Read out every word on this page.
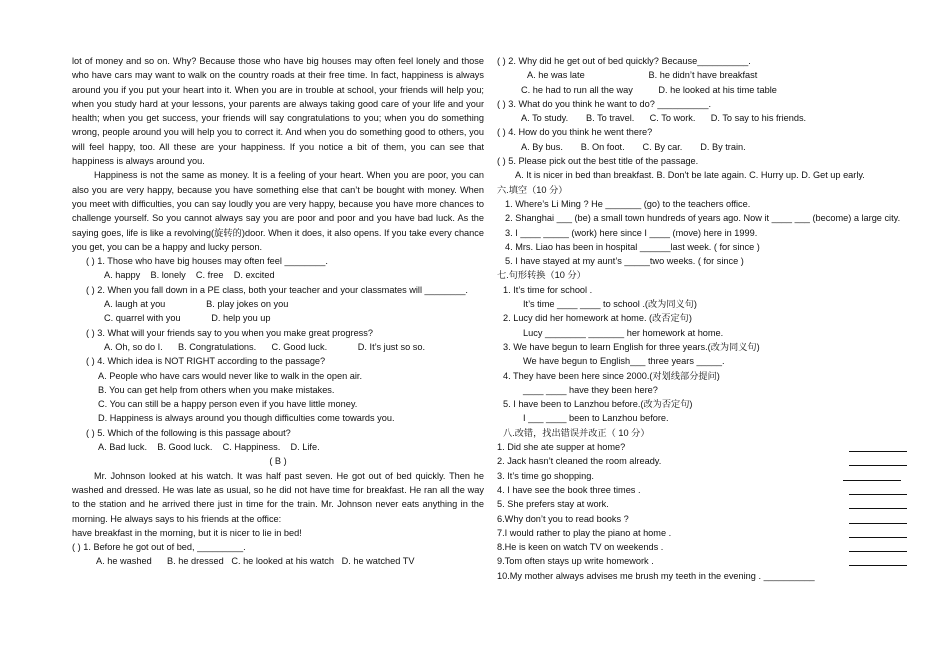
lot of money and so on. Why? Because those who have big houses may often feel lonely and those who have cars may want to walk on the country roads at their free time. In fact, happiness is always around you if you put your heart into it. When you are in trouble at school, your friends will help you; when you study hard at your lessons, your parents are always taking good care of your life and your health; when you get success, your friends will say congratulations to you; when you do something wrong, people around you will help you to correct it. And when you do something good to others, you will feel happy, too. All these are your happiness. If you notice a bit of them, you can see that happiness is always around you.

Happiness is not the same as money. It is a feeling of your heart. When you are poor, you can also you are very happy, because you have something else that can’t be bought with money. When you meet with difficulties, you can say loudly you are very happy, because you have more chances to challenge yourself. So you cannot always say you are poor and poor and you have bad luck. As the saying goes, life is like a revolving(旋转的)door. When it does, it also opens. If you take every chance you get, you can be a happy and lucky person.

( ) 1. Those who have big houses may often feel ________.

A. happy    B. lonely    C. free    D. excited

( ) 2. When you fall down in a PE class, both your teacher and your classmates will ________.

A. laugh at you                B. play jokes on you

C. quarrel with you            D. help you up

( ) 3. What will your friends say to you when you make great progress?

A. Oh, so do I.      B. Congratulations.      C. Good luck.            D. It’s just so so.

( ) 4. Which idea is NOT RIGHT according to the passage?

A. People who have cars would never like to walk in the open air.

B. You can get help from others when you make mistakes.

C. You can still be a happy person even if you have little money.

D. Happiness is always around you though difficulties come towards you.

( ) 5. Which of the following is this passage about?

A. Bad luck.    B. Good luck.    C. Happiness.    D. Life.

( B )

Mr. Johnson looked at his watch. It was half past seven. He got out of bed quickly. Then he washed and dressed. He was late as usual, so he did not have time for breakfast. He ran all the way to the station and he arrived there just in time for the train. Mr. Johnson never eats anything in the morning. He always says to his friends at the office:

have breakfast in the morning, but it is nicer to lie in bed!

( ) 1. Before he got out of bed, _________.

A. he washed      B. he dressed   C. he looked at his watch   D. he watched TV

( ) 2. Why did he get out of bed quickly? Because__________.

A. he was late                         B. he didn’t have breakfast

C. he had to run all the way          D. he looked at his time table

( ) 3. What do you think he want to do? __________.

A. To study.       B. To travel.      C. To work.      D. To say to his friends.

( ) 4. How do you think he went there?

A. By bus.       B. On foot.       C. By car.       D. By train.

( ) 5. Please pick out the best title of the passage.

A. It is nicer in bed than breakfast. B. Don't be late again. C. Hurry up. D. Get up early.

六.填空（10 分）

1. Where’s Li Ming ? He _______ (go) to the teachers office.

2. Shanghai ___ (be) a small town hundreds of years ago. Now it ____ ___ (become) a large city.

3. I ____ _____ (work) here since I ____ (move) here in 1999.

4. Mrs. Liao has been in hospital ______last week. ( for since )

5. I have stayed at my aunt’s _____two weeks. ( for since )

七.句形转换（10 分）

1. It’s time for school .

It’s time ____ ____ to school .(改为同义句)

2. Lucy did her homework at home. (改否定句)

Lucy ________ _______ her homework at home.

3. We have begun to learn English for three years.(改为同义句)

We have begun to English___ three years _____.

4. They have been here since 2000.(对划线部分提问)

____ ____ have they been here?

5. I have been to Lanzhou before.(改为否定句)

I ___ ____ been to Lanzhou before.

八.改错，找出错误并改正（ 10 分）

1. Did she ate supper at home?
2. Jack hasn’t cleaned the room already.
3. It’s time go shopping.
4. I have see the book three times .
5. She prefers stay at work.
6.Why don’t you to read books ?
7.I would rather to play the piano at home .
8.He is keen on watch TV on weekends .
9.Tom often stays up write homework .

10.My mother always advises me brush my teeth in the evening . __________
